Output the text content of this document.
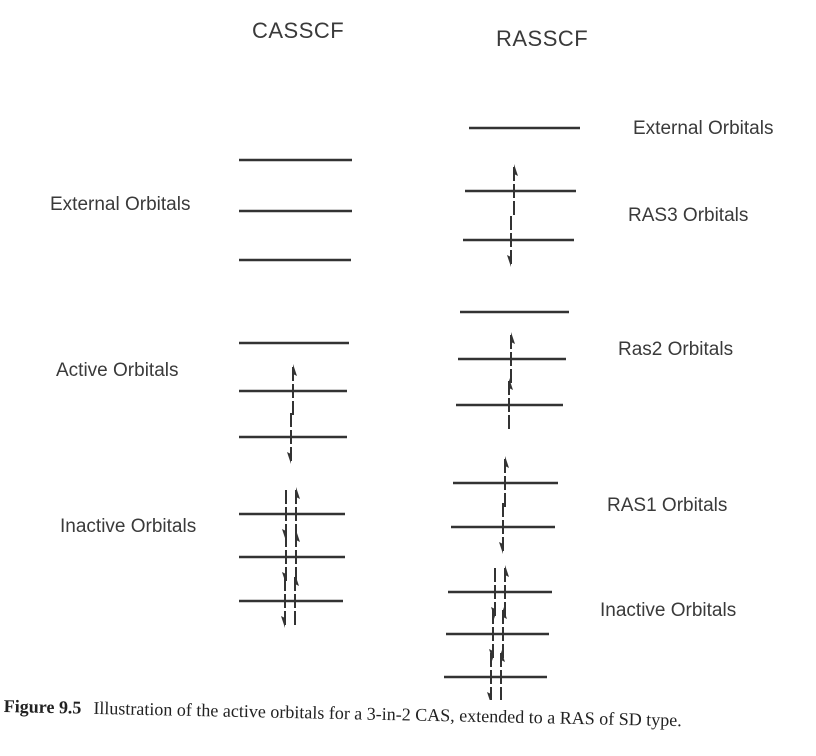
CASSCF	RASSCF
External Orbitals
Active Orbitals
Inactive Orbitals
External Orbitals
RAS3 Orbitals
Ras2 Orbitals
RAS1 Orbitals
Inactive Orbitals
Figure 9.5 Illustration of the active orbitals for a 3-in-2 CAS, extended to a RAS of SD type.
